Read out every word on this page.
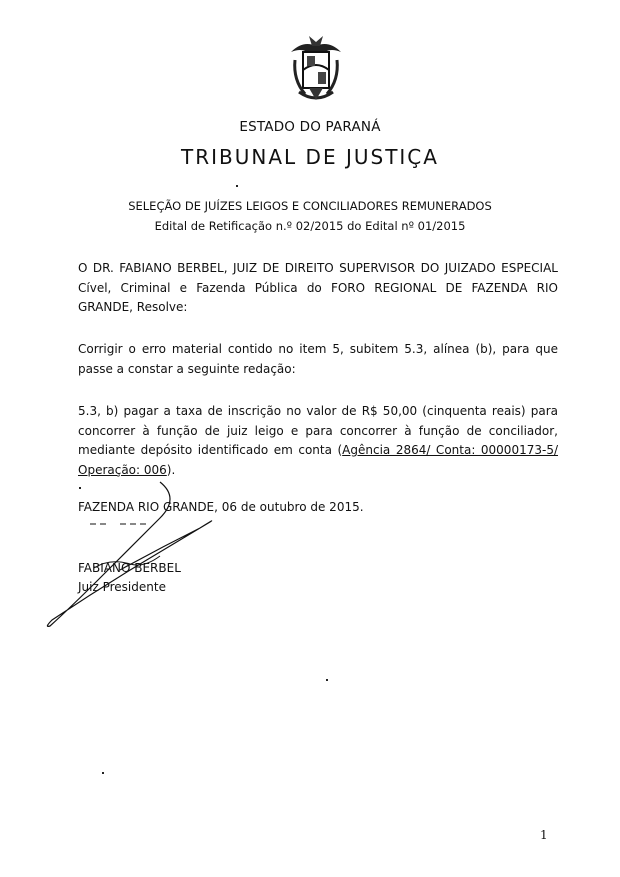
ESTADO DO PARANÁ
TRIBUNAL DE JUSTIÇA
SELEÇÃO DE JUÍZES LEIGOS E CONCILIADORES REMUNERADOS
Edital de Retificação n.º 02/2015 do Edital nº 01/2015
O DR. FABIANO BERBEL, JUIZ DE DIREITO SUPERVISOR DO JUIZADO ESPECIAL Cível, Criminal e Fazenda Pública do FORO REGIONAL DE FAZENDA RIO GRANDE, Resolve:
Corrigir o erro material contido no item 5, subitem 5.3, alínea (b), para que passe a constar a seguinte redação:
5.3, b) pagar a taxa de inscrição no valor de R$ 50,00 (cinquenta reais) para concorrer à função de juiz leigo e para concorrer à função de conciliador, mediante depósito identificado em conta (Agência 2864/ Conta: 00000173-5/ Operação: 006).
FAZENDA RIO GRANDE, 06 de outubro de 2015.
FABIANO BERBEL
Juiz Presidente
1
